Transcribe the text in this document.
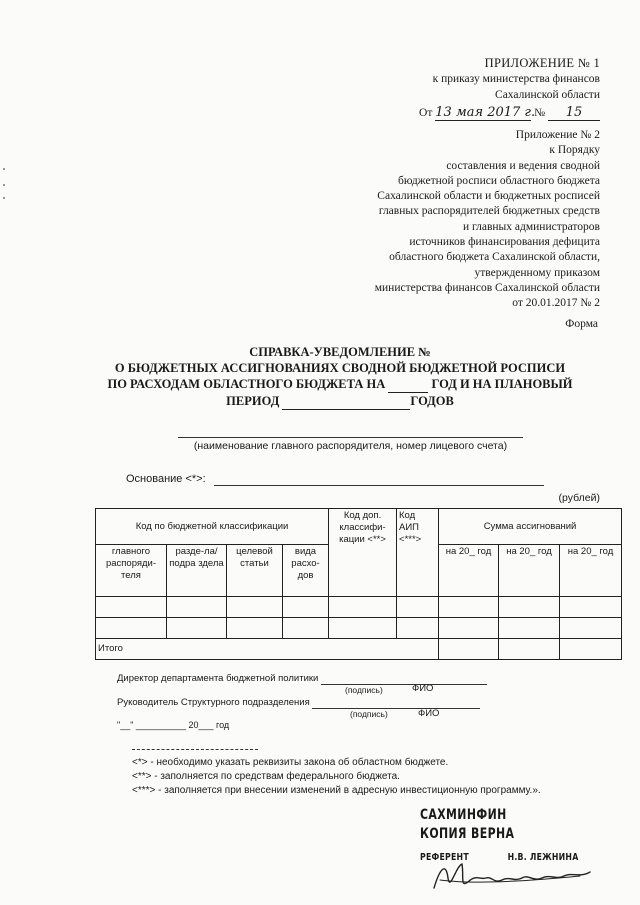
ПРИЛОЖЕНИЕ № 1
к приказу министерства финансов
Сахалинской области
От 13 мая 2017 г. № 15
Приложение № 2
к Порядку
составления и ведения сводной
бюджетной росписи областного бюджета
Сахалинской области и бюджетных росписей
главных распорядителей бюджетных средств
и главных администраторов
источников финансирования дефицита
областного бюджета Сахалинской области,
утвержденному приказом
министерства финансов Сахалинской области
от 20.01.2017 № 2
Форма
СПРАВКА-УВЕДОМЛЕНИЕ №
О БЮДЖЕТНЫХ АССИГНОВАНИЯХ СВОДНОЙ БЮДЖЕТНОЙ РОСПИСИ
ПО РАСХОДАМ ОБЛАСТНОГО БЮДЖЕТА НА	ГОД И НА ПЛАНОВЫЙ
ПЕРИОД	ГОДОВ
(наименование главного распорядителя, номер лицевого счета)
Основание <*>:
(рублей)
Код по бюджетной классификации				Код доп. классифи-кации <**>	Код АИП <***>	Сумма ассигнований		
главного распоряди-теля	разде-ла/подра здела	целевой статьи	вида расхо-дов			на 20_ год	на 20_ год	на 20_ год

Итого								
Директор департамента бюджетной политики
(подпись)	ФИО
Руководитель Структурного подразделения
(подпись)	ФИО
"__" __________ 20___ год
<*> - необходимо указать реквизиты закона об областном бюджете.
<**> - заполняется по средствам федерального бюджета.
<***> - заполняется при внесении изменений в адресную инвестиционную программу.».
САХМИНФИН
КОПИЯ ВЕРНА
РЕФЕРЕНТ	Н.В. ЛЕЖНИНА
